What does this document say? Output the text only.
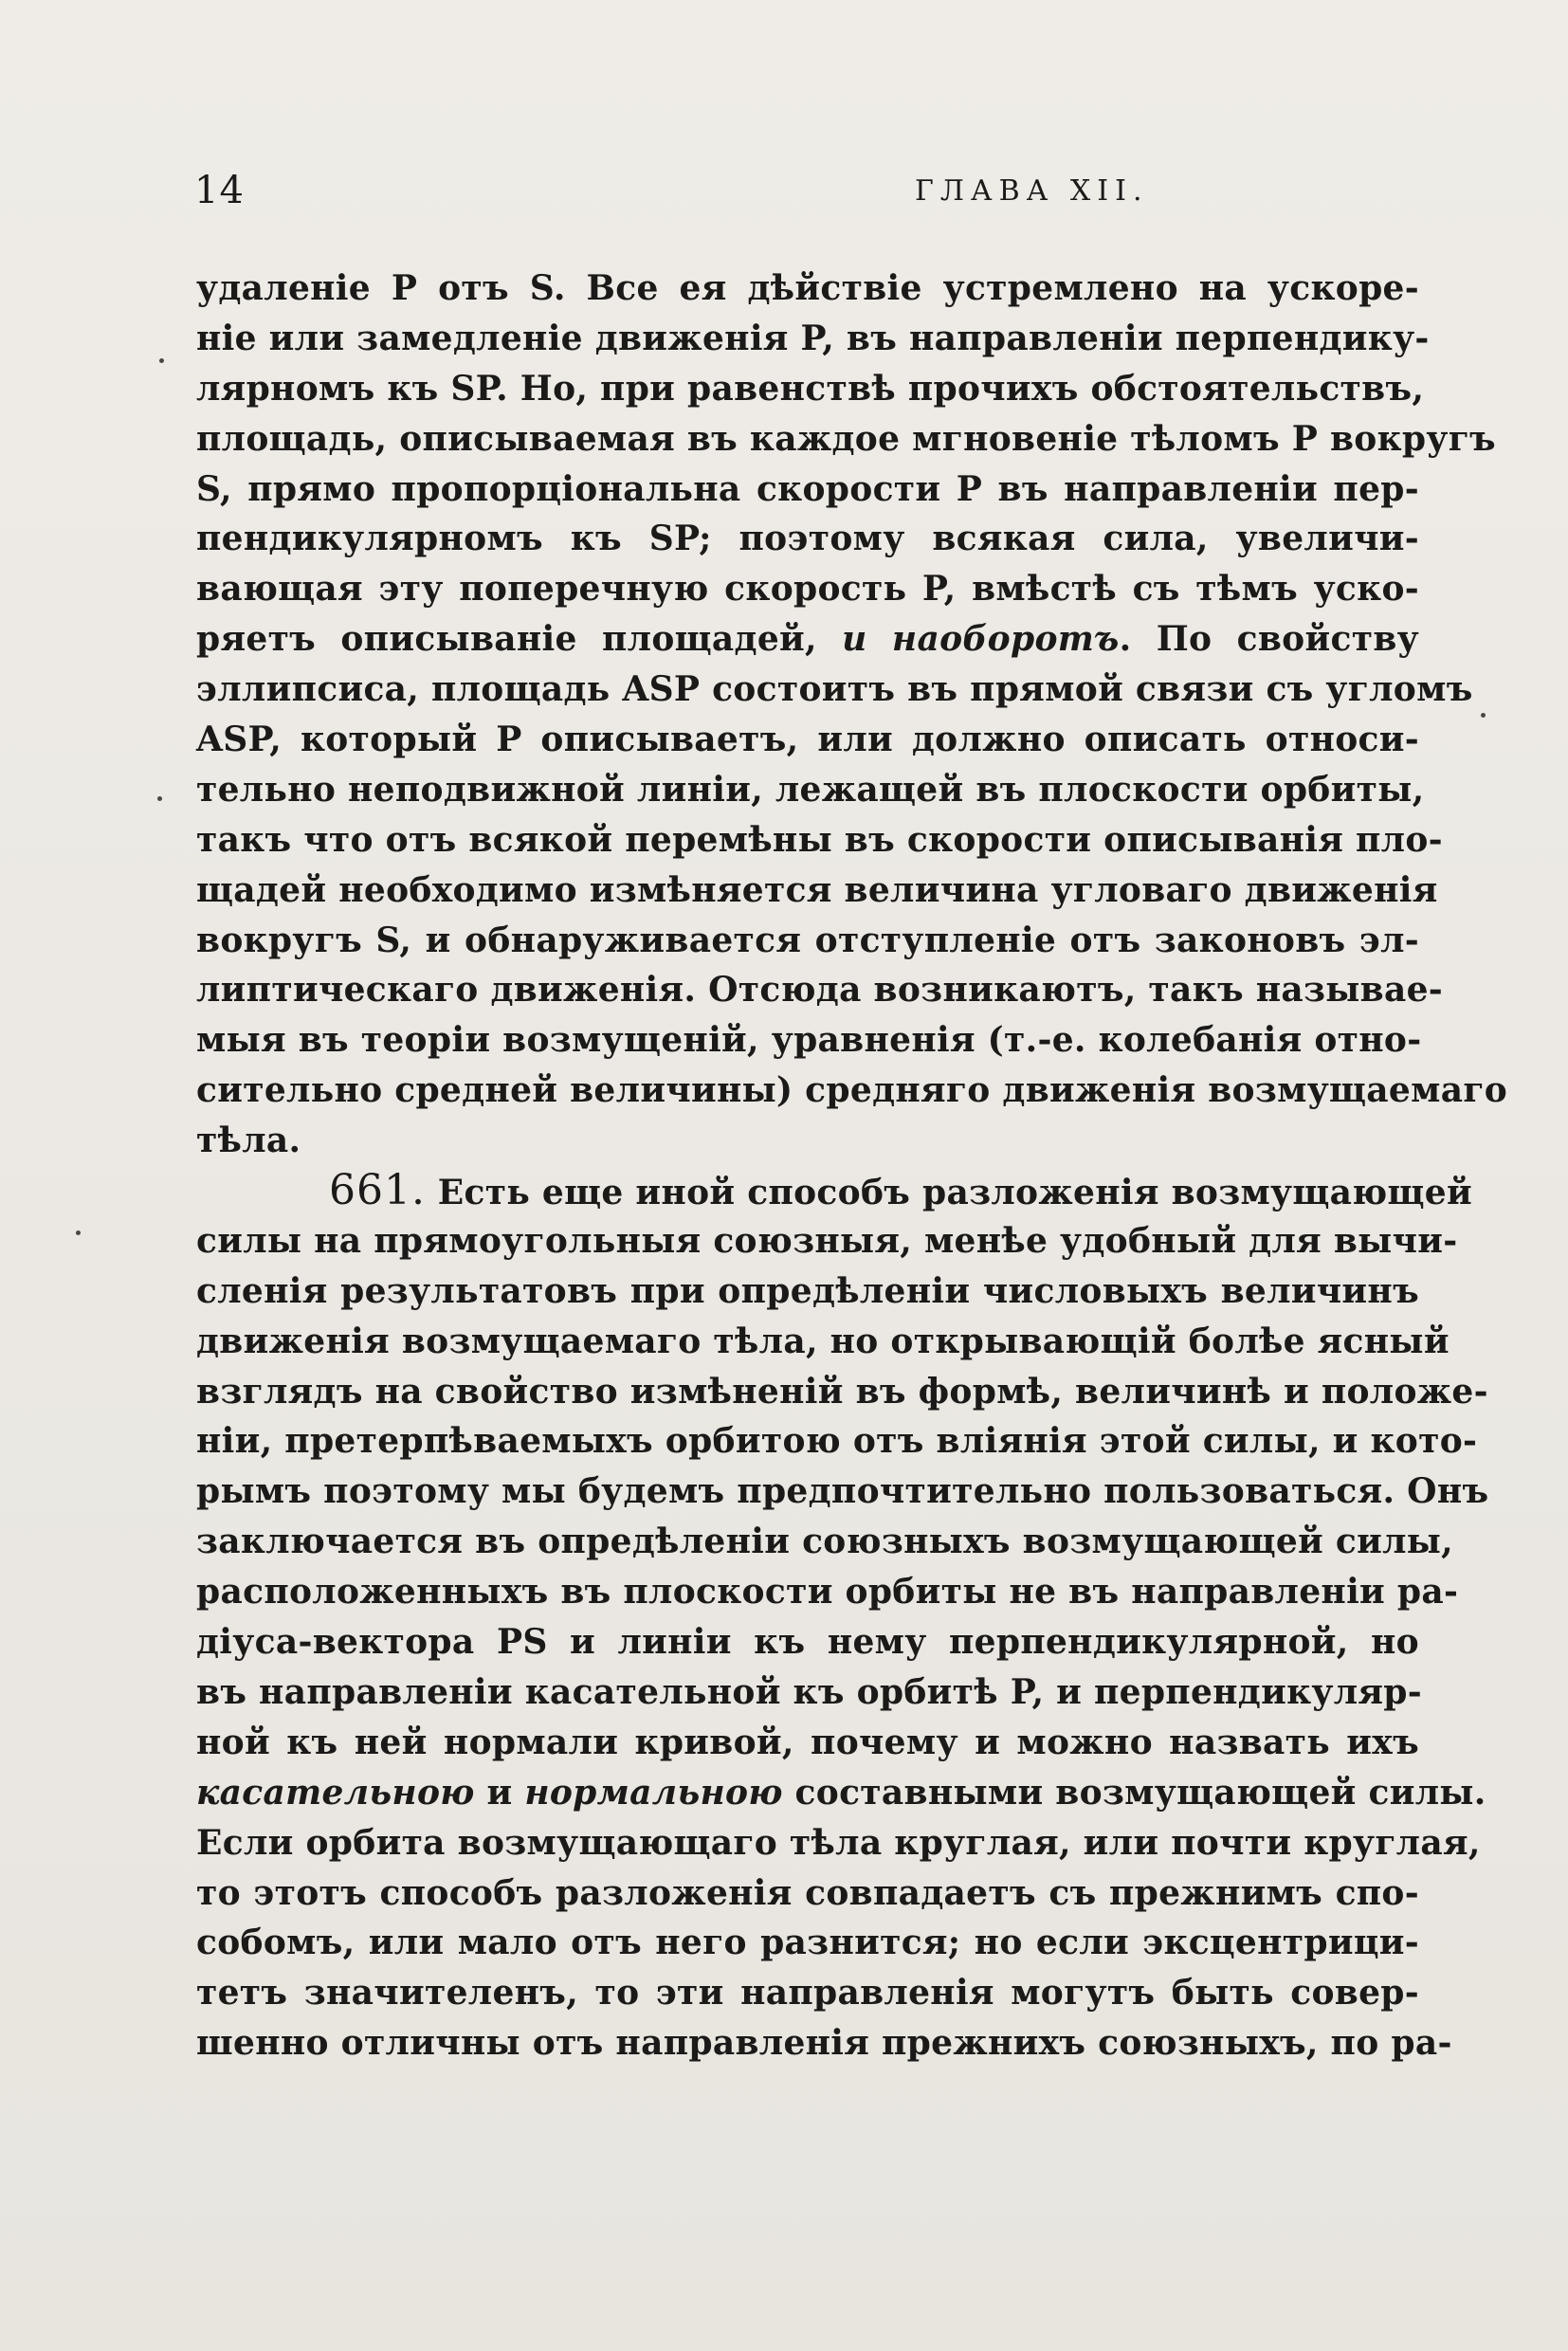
14	ГЛАВА XII.
удаленіе P отъ S. Все ея дѣйствіе устремлено на ускоре-
ніе или замедленіе движенія P, въ направленіи перпендику-
лярномъ къ SP. Но, при равенствѣ прочихъ обстоятельствъ,
площадь, описываемая въ каждое мгновеніе тѣломъ P вокругъ
S, прямо пропорціональна скорости P въ направленіи пер-
пендикулярномъ къ SP; поэтому всякая сила, увеличи-
вающая эту поперечную скорость P, вмѣстѣ съ тѣмъ уско-
ряетъ описываніе площадей, и наоборотъ. По свойству
эллипсиса, площадь ASP состоитъ въ прямой связи съ угломъ
ASP, который P описываетъ, или должно описать относи-
тельно неподвижной линіи, лежащей въ плоскости орбиты,
такъ что отъ всякой перемѣны въ скорости описыванія пло-
щадей необходимо измѣняется величина угловаго движенія
вокругъ S, и обнаруживается отступленіе отъ законовъ эл-
липтическаго движенія. Отсюда возникаютъ, такъ называе-
мыя въ теоріи возмущеній, уравненія (т.-е. колебанія отно-
сительно средней величины) средняго движенія возмущаемаго
тѣла.
661. Есть еще иной способъ разложенія возмущающей
силы на прямоугольныя союзныя, менѣе удобный для вычи-
сленія результатовъ при опредѣленіи числовыхъ величинъ
движенія возмущаемаго тѣла, но открывающій болѣе ясный
взглядъ на свойство измѣненій въ формѣ, величинѣ и положе-
ніи, претерпѣваемыхъ орбитою отъ вліянія этой силы, и кото-
рымъ поэтому мы будемъ предпочтительно пользоваться. Онъ
заключается въ опредѣленіи союзныхъ возмущающей силы,
расположенныхъ въ плоскости орбиты не въ направленіи ра-
діуса-вектора PS и линіи къ нему перпендикулярной, но
въ направленіи касательной къ орбитѣ P, и перпендикуляр-
ной къ ней нормали кривой, почему и можно назвать ихъ
касательною и нормальною составными возмущающей силы.
Если орбита возмущающаго тѣла круглая, или почти круглая,
то этотъ способъ разложенія совпадаетъ съ прежнимъ спо-
собомъ, или мало отъ него разнится; но если эксцентрици-
тетъ значителенъ, то эти направленія могутъ быть совер-
шенно отличны отъ направленія прежнихъ союзныхъ, по ра-
